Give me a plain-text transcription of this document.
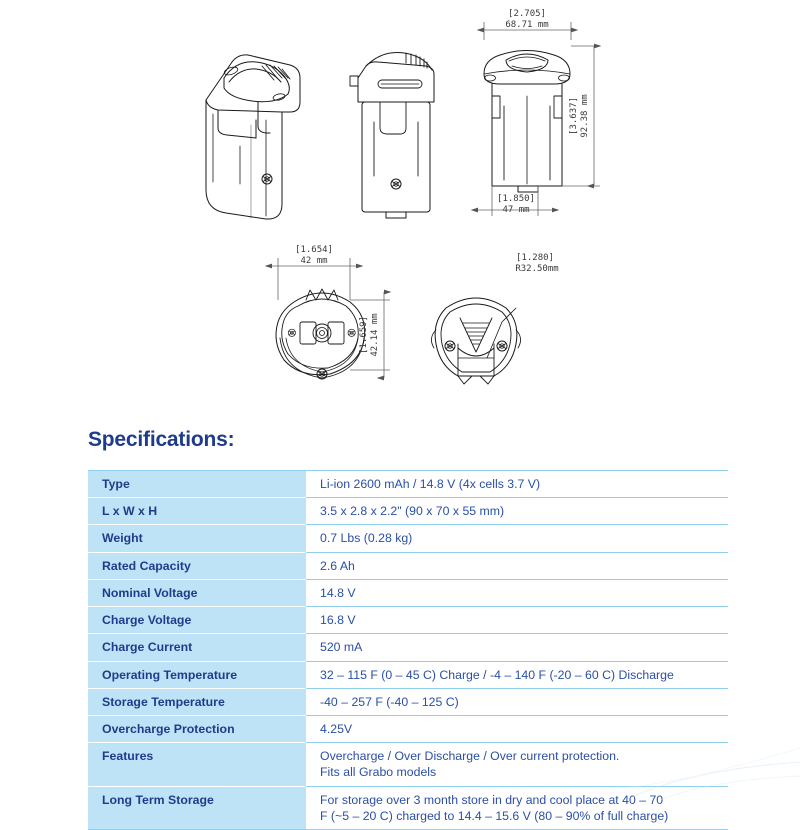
[2.705]
68.71 mm
[1.850]
47 mm
[1.654]
42 mm	[1.280]
R32.50mm
[3.637] 92.38 mm
[1.659] 42.14 mm
Specifications:
Type	Li-ion 2600 mAh / 14.8 V (4x cells 3.7 V)
L x W x H	3.5 x 2.8 x 2.2" (90 x 70 x 55 mm)
Weight	0.7 Lbs (0.28 kg)
Rated Capacity	2.6 Ah
Nominal Voltage	14.8 V
Charge Voltage	16.8 V
Charge Current	520 mA
Operating Temperature	32 – 115 F (0 – 45 C) Charge / -4 – 140 F (-20 – 60 C) Discharge
Storage Temperature	-40 – 257 F (-40 – 125 C)
Overcharge Protection	4.25V
Features	Overcharge / Over Discharge / Over current protection.
Fits all Grabo models

Long Term Storage	For storage over 3 month store in dry and cool place at 40 – 70
F (~5 – 20 C) charged to 14.4 – 15.6 V (80 – 90% of full charge)
